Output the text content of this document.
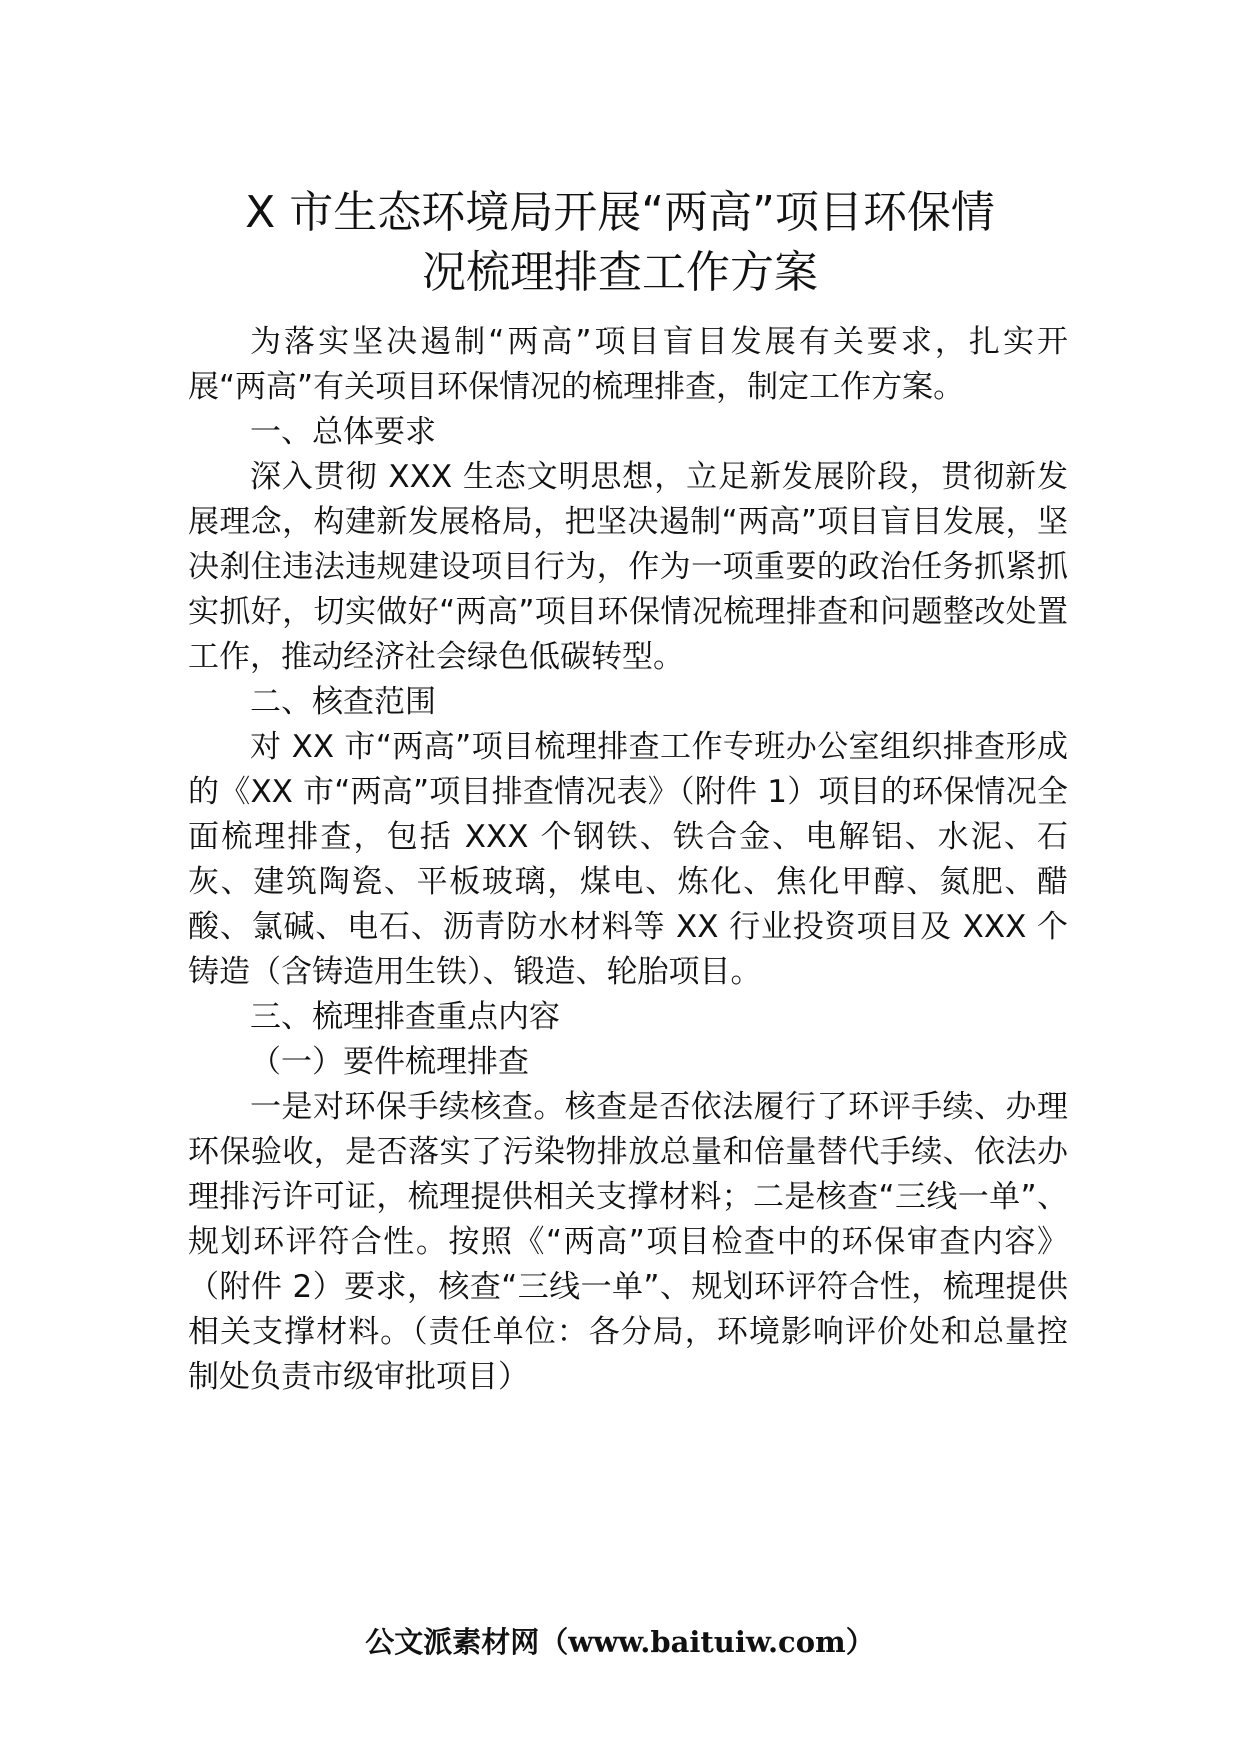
X 市生态环境局开展“两高”项目环保情
况梳理排查工作方案

为落实坚决遏制“两高”项目盲目发展有关要求，扎实开展“两高”有关项目环保情况的梳理排查，制定工作方案。

一、总体要求

深入贯彻 XXX 生态文明思想，立足新发展阶段，贯彻新发展理念，构建新发展格局，把坚决遏制“两高”项目盲目发展，坚决刹住违法违规建设项目行为，作为一项重要的政治任务抓紧抓实抓好，切实做好“两高”项目环保情况梳理排查和问题整改处置工作，推动经济社会绿色低碳转型。

二、核查范围

对 XX 市“两高”项目梳理排查工作专班办公室组织排查形成的《XX 市“两高”项目排查情况表》（附件 1）项目的环保情况全面梳理排查，包括 XXX 个钢铁、铁合金、电解铝、水泥、石灰、建筑陶瓷、平板玻璃，煤电、炼化、焦化甲醇、氮肥、醋酸、氯碱、电石、沥青防水材料等 XX 行业投资项目及 XXX 个铸造（含铸造用生铁）、锻造、轮胎项目。

三、梳理排查重点内容

（一）要件梳理排查

一是对环保手续核查。核查是否依法履行了环评手续、办理环保验收，是否落实了污染物排放总量和倍量替代手续、依法办理排污许可证，梳理提供相关支撑材料；二是核查“三线一单”、规划环评符合性。按照《“两高”项目检查中的环保审查内容》（附件 2）要求，核查“三线一单”、规划环评符合性，梳理提供相关支撑材料。（责任单位：各分局，环境影响评价处和总量控制处负责市级审批项目）

公文派素材网（www.baituiw.com）
